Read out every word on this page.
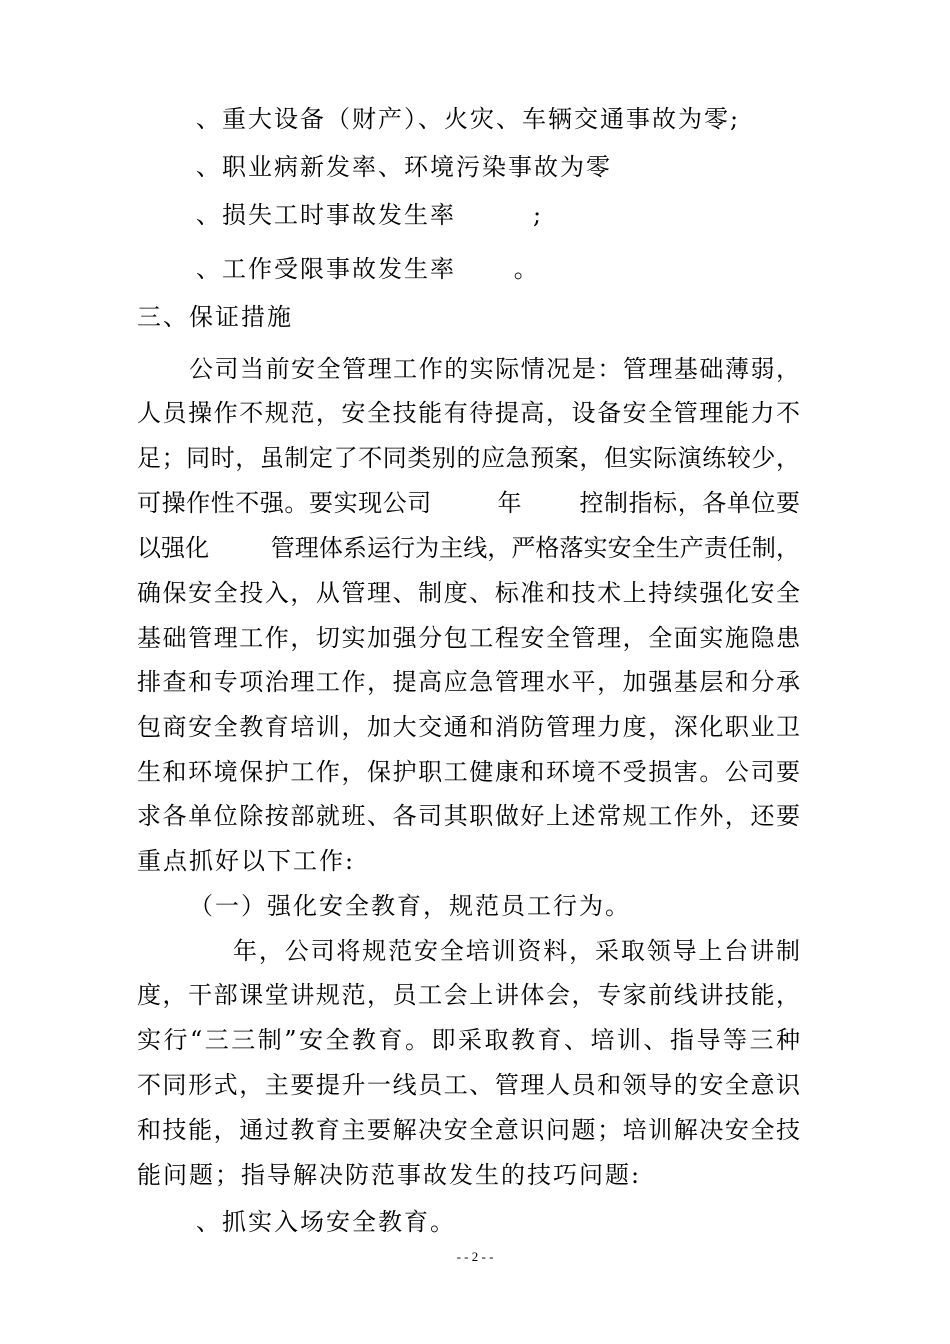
、重大设备（财产）、火灾、车辆交通事故为零;
、职业病新发率、环境污染事故为零
、损失工时事故发生率        ;
、工作受限事故发生率      。
三、保证措施
公司当前安全管理工作的实际情况是：管理基础薄弱，
人员操作不规范，安全技能有待提高，设备安全管理能力不
足；同时，虽制定了不同类别的应急预案，但实际演练较少，
可操作性不强。要实现公司        年       控制指标，各单位要
以强化        管理体系运行为主线，严格落实安全生产责任制，
确保安全投入，从管理、制度、标准和技术上持续强化安全
基础管理工作，切实加强分包工程安全管理，全面实施隐患
排查和专项治理工作，提高应急管理水平，加强基层和分承
包商安全教育培训，加大交通和消防管理力度，深化职业卫
生和环境保护工作，保护职工健康和环境不受损害。公司要
求各单位除按部就班、各司其职做好上述常规工作外，还要
重点抓好以下工作:
（一）强化安全教育，规范员工行为。
年，公司将规范安全培训资料，采取领导上台讲制
度，干部课堂讲规范，员工会上讲体会，专家前线讲技能，
实行“三三制”安全教育。即采取教育、培训、指导等三种
不同形式，主要提升一线员工、管理人员和领导的安全意识
和技能，通过教育主要解决安全意识问题；培训解决安全技
能问题；指导解决防范事故发生的技巧问题:
、抓实入场安全教育。
- - 2 - -
